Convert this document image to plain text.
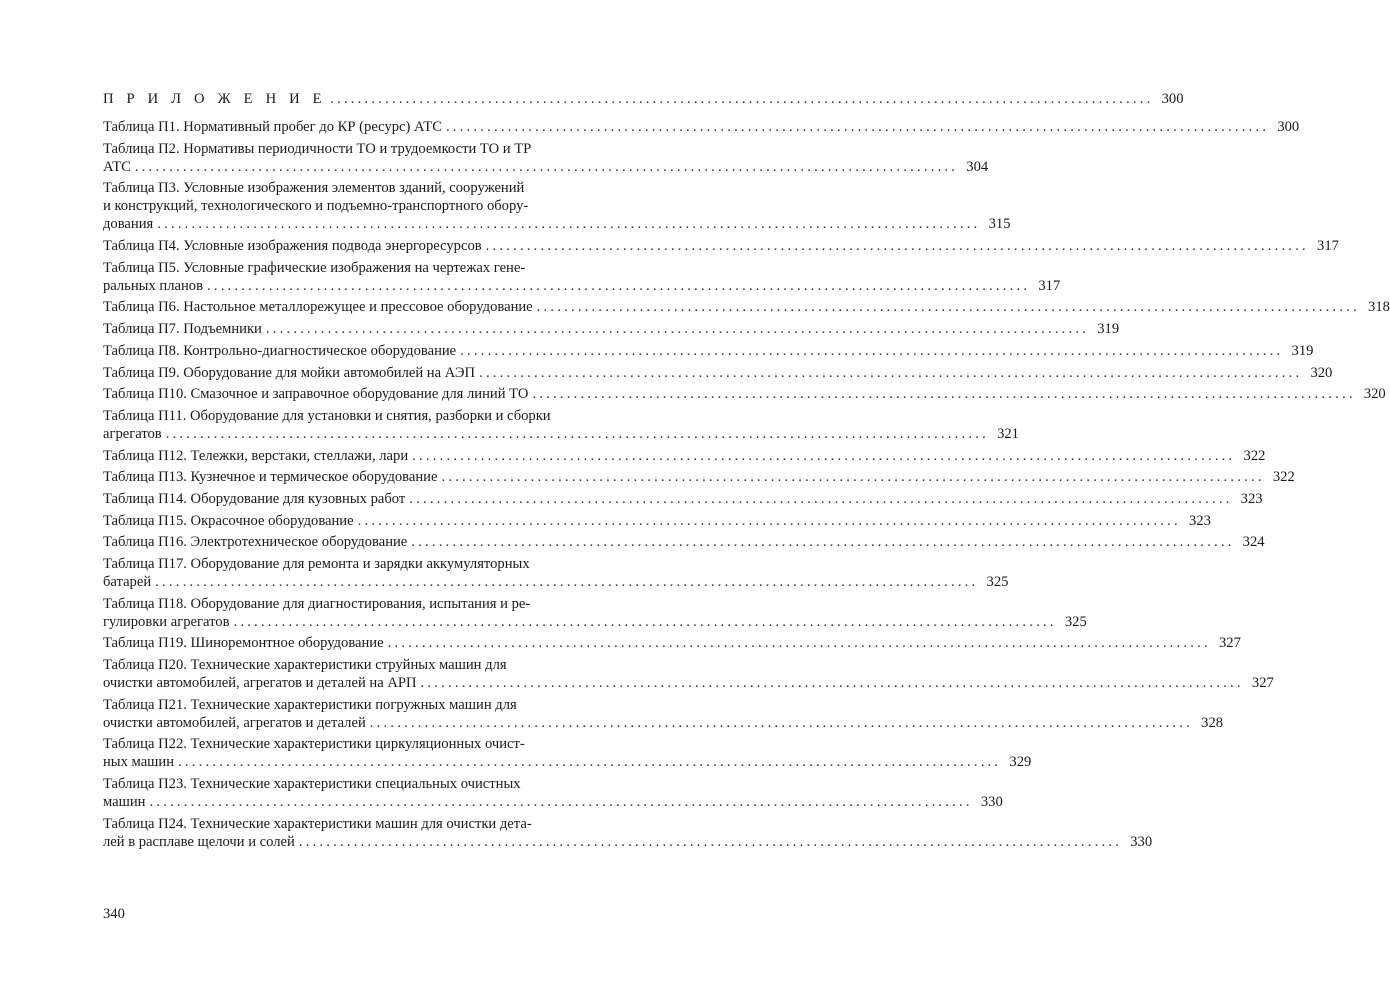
П Р И Л О Ж Е Н И Е ........................................................................................................................ 300
Таблица П1. Нормативный пробег до КР (ресурс) АТС ........................................................................................................................ 300
Таблица П2. Нормативы периодичности ТО и трудоемкости ТО и ТР
АТС ........................................................................................................................ 304
Таблица П3. Условные изображения элементов зданий, сооружений
и конструкций, технологического и подъемно-транспортного обору-
дования ........................................................................................................................ 315
Таблица П4. Условные изображения подвода энергоресурсов ........................................................................................................................ 317
Таблица П5. Условные графические изображения на чертежах гене-
ральных планов ........................................................................................................................ 317
Таблица П6. Настольное металлорежущее и прессовое оборудование ........................................................................................................................ 318
Таблица П7. Подъемники ........................................................................................................................ 319
Таблица П8. Контрольно-диагностическое оборудование ........................................................................................................................ 319
Таблица П9. Оборудование для мойки автомобилей на АЭП ........................................................................................................................ 320
Таблица П10. Смазочное и заправочное оборудование для линий ТО ........................................................................................................................ 320
Таблица П11. Оборудование для установки и снятия, разборки и сборки
агрегатов ........................................................................................................................ 321
Таблица П12. Тележки, верстаки, стеллажи, лари ........................................................................................................................ 322
Таблица П13. Кузнечное и термическое оборудование ........................................................................................................................ 322
Таблица П14. Оборудование для кузовных работ ........................................................................................................................ 323
Таблица П15. Окрасочное оборудование ........................................................................................................................ 323
Таблица П16. Электротехническое оборудование ........................................................................................................................ 324
Таблица П17. Оборудование для ремонта и зарядки аккумуляторных
батарей ........................................................................................................................ 325
Таблица П18. Оборудование для диагностирования, испытания и ре-
гулировки агрегатов ........................................................................................................................ 325
Таблица П19. Шиноремонтное оборудование ........................................................................................................................ 327
Таблица П20. Технические характеристики струйных машин для
очистки автомобилей, агрегатов и деталей на АРП ........................................................................................................................ 327
Таблица П21. Технические характеристики погружных машин для
очистки автомобилей, агрегатов и деталей ........................................................................................................................ 328
Таблица П22. Технические характеристики циркуляционных очист-
ных машин ........................................................................................................................ 329
Таблица П23. Технические характеристики специальных очистных
машин ........................................................................................................................ 330
Таблица П24. Технические характеристики машин для очистки дета-
лей в расплаве щелочи и солей ........................................................................................................................ 330
340
